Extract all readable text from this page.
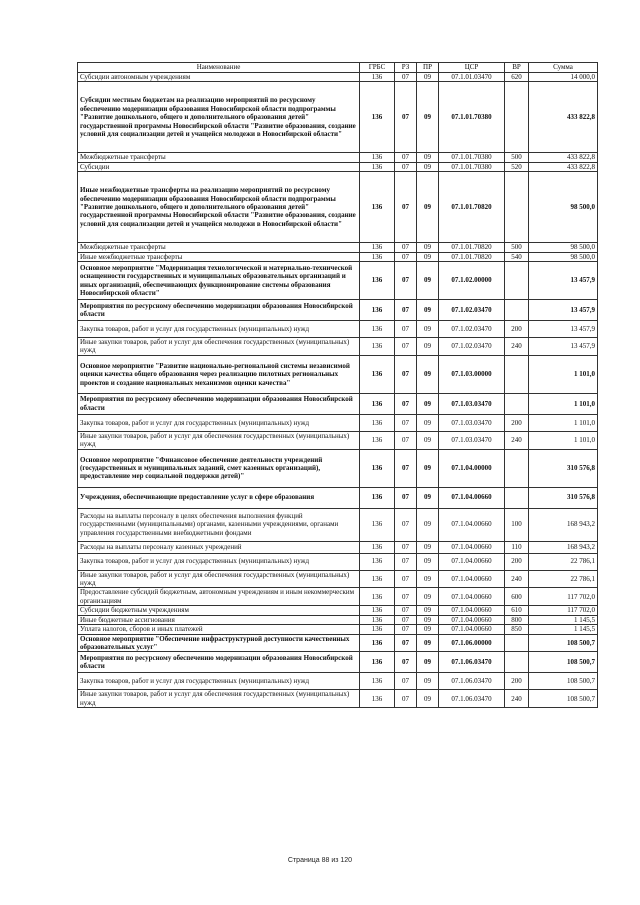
Наименование	ГРБС	РЗ	ПР	ЦСР	ВР	Сумма
Субсидии автономным учреждениям	136	07	09	07.1.01.03470	620	14 000,0
Субсидии местным бюджетам на реализацию мероприятий по ресурсному обеспечению модернизации образования Новосибирской области подпрограммы "Развитие дошкольного, общего и дополнительного образования детей" государственной программы Новосибирской области "Развитие образования, создание условий для социализации детей и учащейся молодежи в Новосибирской области"	136	07	09	07.1.01.70380		433 822,8
Межбюджетные трансферты	136	07	09	07.1.01.70380	500	433 822,8
Субсидии	136	07	09	07.1.01.70380	520	433 822,8
Иные межбюджетные трансферты на реализацию мероприятий по ресурсному обеспечению модернизации образования Новосибирской области подпрограммы "Развитие дошкольного, общего и дополнительного образования детей" государственной программы Новосибирской области "Развитие образования, создание условий для социализации детей и учащейся молодежи в Новосибирской области"	136	07	09	07.1.01.70820		98 500,0
Межбюджетные трансферты	136	07	09	07.1.01.70820	500	98 500,0
Иные межбюджетные трансферты	136	07	09	07.1.01.70820	540	98 500,0
Основное мероприятие "Модернизация технологической и материально-технической оснащенности государственных и муниципальных образовательных организаций и иных организаций, обеспечивающих функционирование системы образования Новосибирской области"	136	07	09	07.1.02.00000		13 457,9
Мероприятия по ресурсному обеспечению модернизации образования Новосибирской области	136	07	09	07.1.02.03470		13 457,9
Закупка товаров, работ и услуг для государственных (муниципальных) нужд	136	07	09	07.1.02.03470	200	13 457,9
Иные закупки товаров, работ и услуг для обеспечения государственных (муниципальных) нужд	136	07	09	07.1.02.03470	240	13 457,9
Основное мероприятие "Развитие национально-региональной системы независимой оценки качества общего образования через реализацию пилотных региональных проектов и создание национальных механизмов оценки качества"	136	07	09	07.1.03.00000		1 101,0
Мероприятия по ресурсному обеспечению модернизации образования Новосибирской области	136	07	09	07.1.03.03470		1 101,0
Закупка товаров, работ и услуг для государственных (муниципальных) нужд	136	07	09	07.1.03.03470	200	1 101,0
Иные закупки товаров, работ и услуг для обеспечения государственных (муниципальных) нужд	136	07	09	07.1.03.03470	240	1 101,0
Основное мероприятие "Финансовое обеспечение деятельности учреждений (государственных и муниципальных заданий, смет казенных организаций), предоставление мер социальной поддержки детей)"	136	07	09	07.1.04.00000		310 576,8
Учреждения, обеспечивающие предоставление услуг в сфере образования	136	07	09	07.1.04.00660		310 576,8
Расходы на выплаты персоналу в целях обеспечения выполнения функций государственными (муниципальными) органами, казенными учреждениями, органами управления государственными внебюджетными фондами	136	07	09	07.1.04.00660	100	168 943,2
Расходы на выплаты персоналу казенных учреждений	136	07	09	07.1.04.00660	110	168 943,2
Закупка товаров, работ и услуг для государственных (муниципальных) нужд	136	07	09	07.1.04.00660	200	22 786,1
Иные закупки товаров, работ и услуг для обеспечения государственных (муниципальных) нужд	136	07	09	07.1.04.00660	240	22 786,1
Предоставление субсидий бюджетным, автономным учреждениям и иным некоммерческим организациям	136	07	09	07.1.04.00660	600	117 702,0
Субсидии бюджетным учреждениям	136	07	09	07.1.04.00660	610	117 702,0
Иные бюджетные ассигнования	136	07	09	07.1.04.00660	800	1 145,5
Уплата налогов, сборов и иных платежей	136	07	09	07.1.04.00660	850	1 145,5
Основное мероприятие "Обеспечение инфраструктурной доступности качественных образовательных услуг"	136	07	09	07.1.06.00000		108 500,7
Мероприятия по ресурсному обеспечению модернизации образования Новосибирской области	136	07	09	07.1.06.03470		108 500,7
Закупка товаров, работ и услуг для государственных (муниципальных) нужд	136	07	09	07.1.06.03470	200	108 500,7
Иные закупки товаров, работ и услуг для обеспечения государственных (муниципальных) нужд	136	07	09	07.1.06.03470	240	108 500,7
Страница 88 из 120
